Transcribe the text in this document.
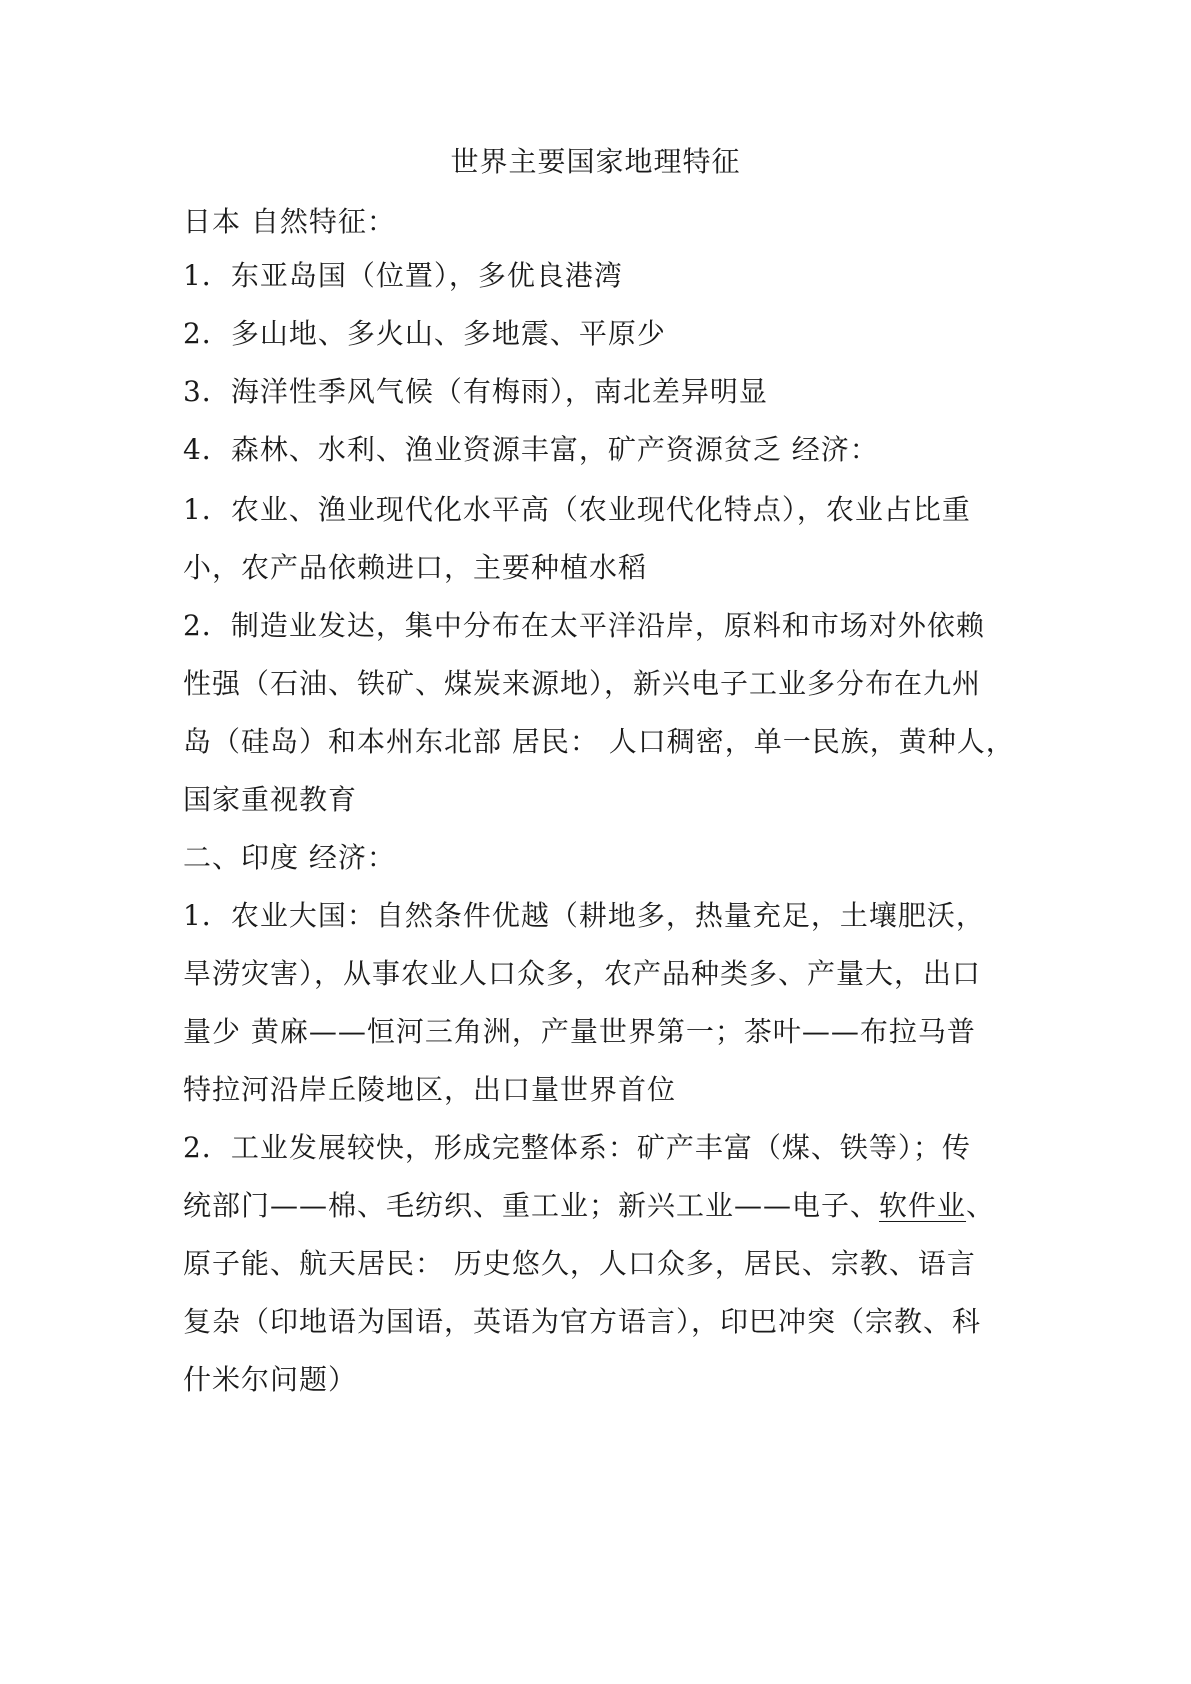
世界主要国家地理特征
日本 自然特征：
1．东亚岛国（位置），多优良港湾
2．多山地、多火山、多地震、平原少
3．海洋性季风气候（有梅雨），南北差异明显
4．森林、水利、渔业资源丰富，矿产资源贫乏 经济：
1．农业、渔业现代化水平高（农业现代化特点），农业占比重
小，农产品依赖进口，主要种植水稻
2．制造业发达，集中分布在太平洋沿岸，原料和市场对外依赖
性强（石油、铁矿、煤炭来源地），新兴电子工业多分布在九州
岛（硅岛）和本州东北部 居民： 人口稠密，单一民族，黄种人，
国家重视教育
二、印度 经济：
1．农业大国：自然条件优越（耕地多，热量充足，土壤肥沃，
旱涝灾害），从事农业人口众多，农产品种类多、产量大，出口
量少 黄麻——恒河三角洲，产量世界第一；茶叶——布拉马普
特拉河沿岸丘陵地区，出口量世界首位
2．工业发展较快，形成完整体系：矿产丰富（煤、铁等）；传
统部门——棉、毛纺织、重工业；新兴工业——电子、软件业、
原子能、航天居民： 历史悠久，人口众多，居民、宗教、语言
复杂（印地语为国语，英语为官方语言），印巴冲突（宗教、科
什米尔问题）
